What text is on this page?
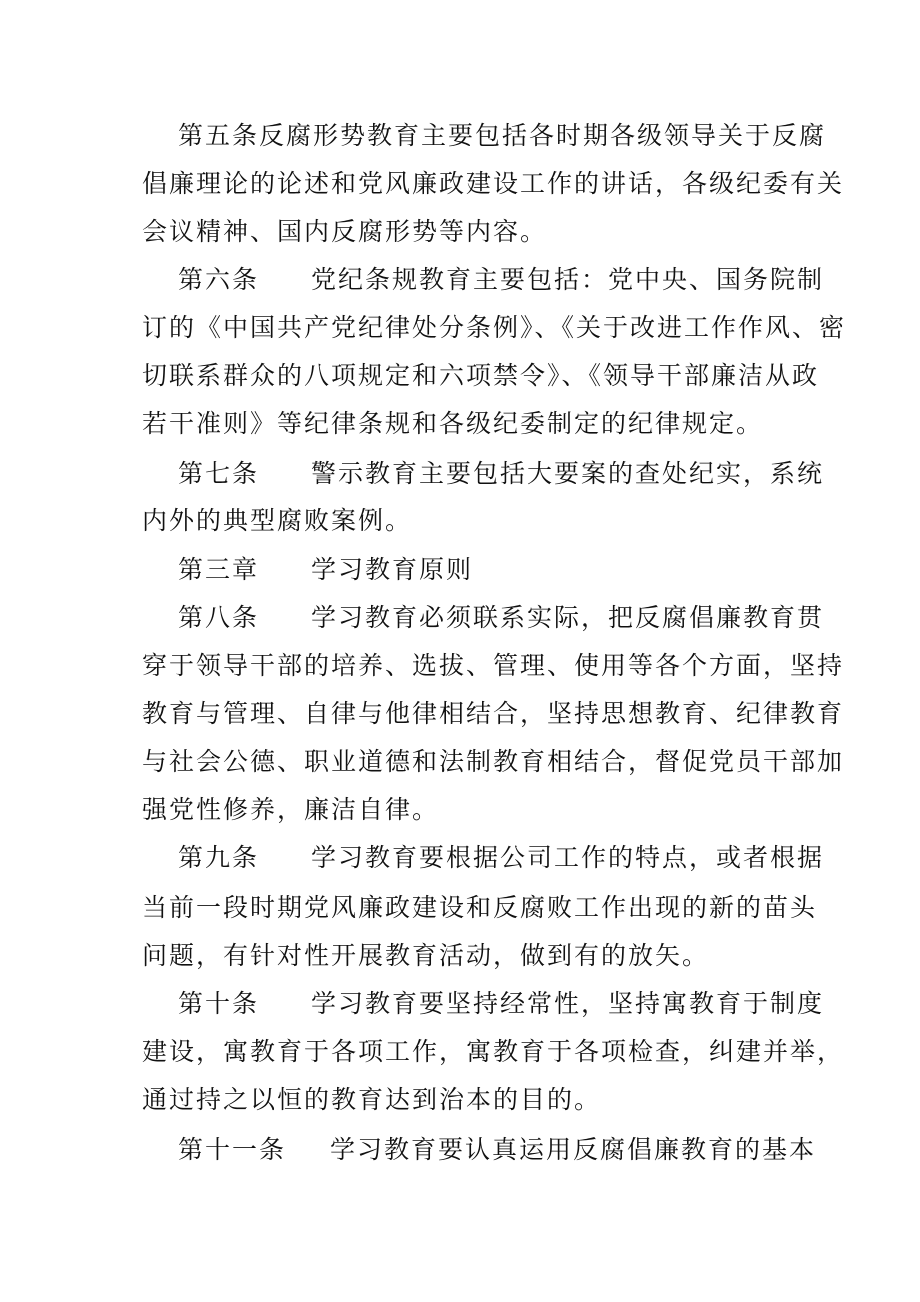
第五条反腐形势教育主要包括各时期各级领导关于反腐
倡廉理论的论述和党风廉政建设工作的讲话，各级纪委有关
会议精神、国内反腐形势等内容。
第六条 党纪条规教育主要包括：党中央、国务院制
订的《中国共产党纪律处分条例》、《关于改进工作作风、密
切联系群众的八项规定和六项禁令》、《领导干部廉洁从政
若干准则》等纪律条规和各级纪委制定的纪律规定。
第七条 警示教育主要包括大要案的查处纪实，系统
内外的典型腐败案例。
第三章 学习教育原则
第八条 学习教育必须联系实际，把反腐倡廉教育贯
穿于领导干部的培养、选拔、管理、使用等各个方面，坚持
教育与管理、自律与他律相结合，坚持思想教育、纪律教育
与社会公德、职业道德和法制教育相结合，督促党员干部加
强党性修养，廉洁自律。
第九条 学习教育要根据公司工作的特点，或者根据
当前一段时期党风廉政建设和反腐败工作出现的新的苗头
问题，有针对性开展教育活动，做到有的放矢。
第十条 学习教育要坚持经常性，坚持寓教育于制度
建设，寓教育于各项工作，寓教育于各项检查，纠建并举，
通过持之以恒的教育达到治本的目的。
第十一条 学习教育要认真运用反腐倡廉教育的基本
